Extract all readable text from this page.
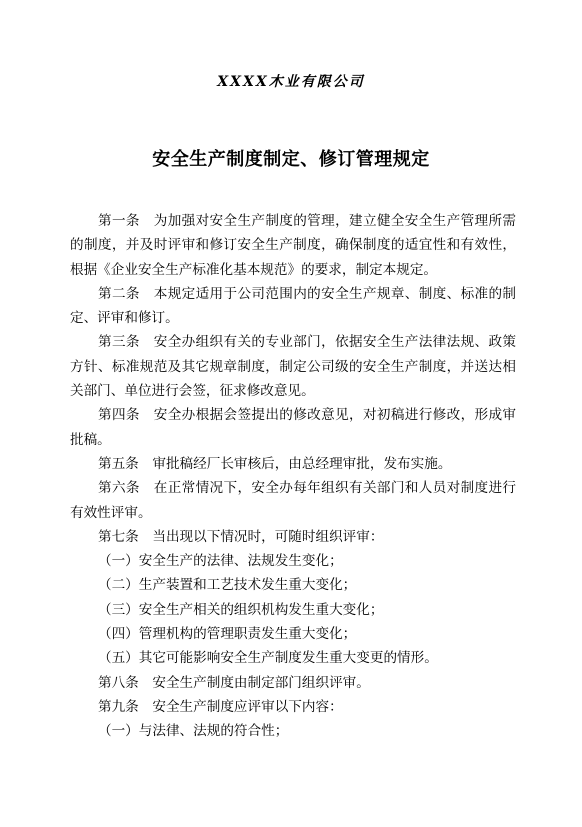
XXXX木业有限公司
安全生产制度制定、修订管理规定

第一条　为加强对安全生产制度的管理，建立健全安全生产管理所需的制度，并及时评审和修订安全生产制度，确保制度的适宜性和有效性，根据《企业安全生产标准化基本规范》的要求，制定本规定。

第二条　本规定适用于公司范围内的安全生产规章、制度、标准的制定、评审和修订。

第三条　安全办组织有关的专业部门，依据安全生产法律法规、政策方针、标准规范及其它规章制度，制定公司级的安全生产制度，并送达相关部门、单位进行会签，征求修改意见。

第四条　安全办根据会签提出的修改意见，对初稿进行修改，形成审批稿。

第五条　审批稿经厂长审核后，由总经理审批，发布实施。

第六条　在正常情况下，安全办每年组织有关部门和人员对制度进行有效性评审。

第七条　当出现以下情况时，可随时组织评审：

（一）安全生产的法律、法规发生变化；

（二）生产装置和工艺技术发生重大变化；

（三）安全生产相关的组织机构发生重大变化；

（四）管理机构的管理职责发生重大变化；

（五）其它可能影响安全生产制度发生重大变更的情形。

第八条　安全生产制度由制定部门组织评审。

第九条　安全生产制度应评审以下内容：

（一）与法律、法规的符合性；
